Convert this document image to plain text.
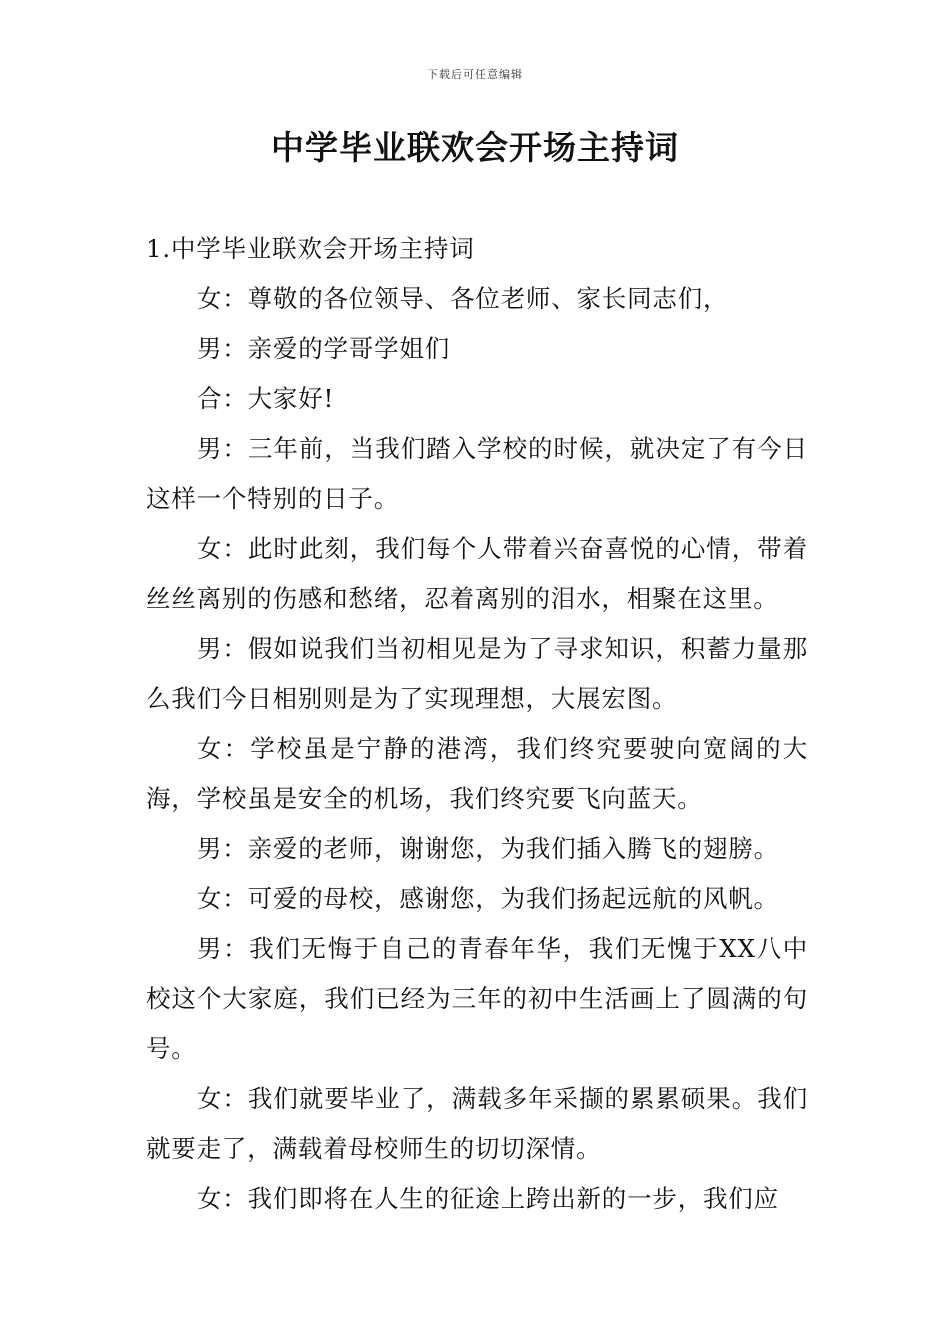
下载后可任意编辑
中学毕业联欢会开场主持词

1.中学毕业联欢会开场主持词

女：尊敬的各位领导、各位老师、家长同志们，

男：亲爱的学哥学姐们

合：大家好!

男：三年前，当我们踏入学校的时候，就决定了有今日这样一个特别的日子。

女：此时此刻，我们每个人带着兴奋喜悦的心情，带着丝丝离别的伤感和愁绪，忍着离别的泪水，相聚在这里。

男：假如说我们当初相见是为了寻求知识，积蓄力量那么我们今日相别则是为了实现理想，大展宏图。

女：学校虽是宁静的港湾，我们终究要驶向宽阔的大海，学校虽是安全的机场，我们终究要飞向蓝天。

男：亲爱的老师，谢谢您，为我们插入腾飞的翅膀。

女：可爱的母校，感谢您，为我们扬起远航的风帆。

男：我们无悔于自己的青春年华，我们无愧于XX八中校这个大家庭，我们已经为三年的初中生活画上了圆满的句号。

女：我们就要毕业了，满载多年采撷的累累硕果。我们就要走了，满载着母校师生的切切深情。

女：我们即将在人生的征途上跨出新的一步，我们应
